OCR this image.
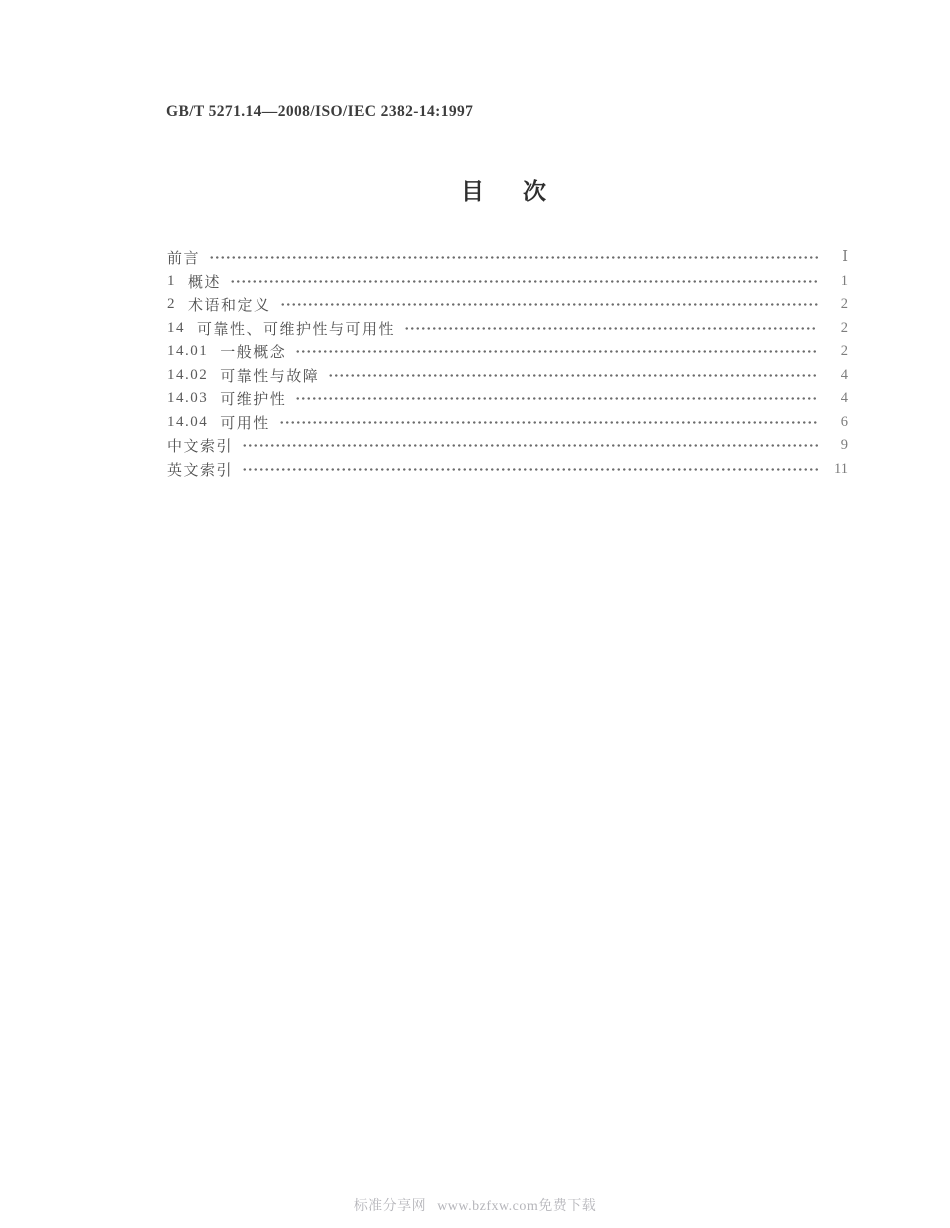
GB/T 5271.14—2008/ISO/IEC 2382-14:1997
目　次
前言	Ⅰ
1 概述	1
2 术语和定义	2
14 可靠性、可维护性与可用性	2
14.01 一般概念	2
14.02 可靠性与故障	4
14.03 可维护性	4
14.04 可用性	6
中文索引	9
英文索引	11
标准分享网 www.bzfxw.com免费下载
